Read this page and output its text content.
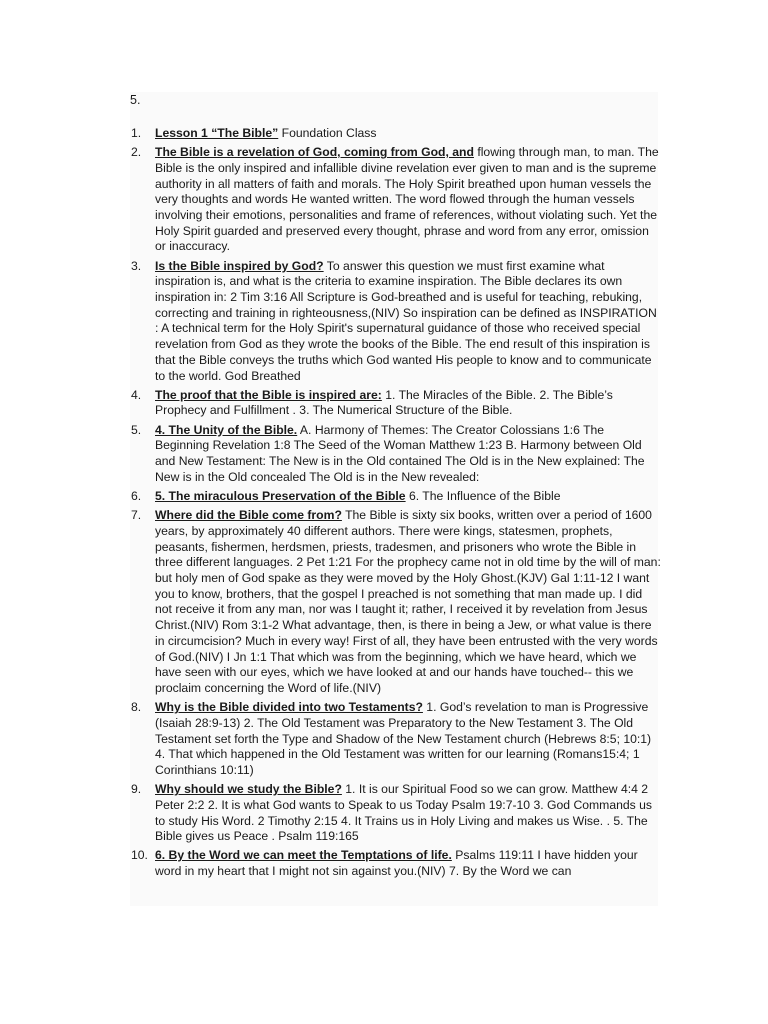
5.
1. Lesson 1 “The Bible” Foundation Class
2. The Bible is a revelation of God, coming from God, and flowing through man, to man. The Bible is the only inspired and infallible divine revelation ever given to man and is the supreme authority in all matters of faith and morals. The Holy Spirit breathed upon human vessels the very thoughts and words He wanted written. The word flowed through the human vessels involving their emotions, personalities and frame of references, without violating such. Yet the Holy Spirit guarded and preserved every thought, phrase and word from any error, omission or inaccuracy.
3. Is the Bible inspired by God? To answer this question we must first examine what inspiration is, and what is the criteria to examine inspiration. The Bible declares its own inspiration in: 2 Tim 3:16 All Scripture is God-breathed and is useful for teaching, rebuking, correcting and training in righteousness,(NIV) So inspiration can be defined as INSPIRATION : A technical term for the Holy Spirit's supernatural guidance of those who received special revelation from God as they wrote the books of the Bible. The end result of this inspiration is that the Bible conveys the truths which God wanted His people to know and to communicate to the world. God Breathed
4. The proof that the Bible is inspired are: 1. The Miracles of the Bible. 2. The Bible’s Prophecy and Fulfillment . 3. The Numerical Structure of the Bible.
5. 4. The Unity of the Bible. A. Harmony of Themes: The Creator Colossians 1:6 The Beginning Revelation 1:8 The Seed of the Woman Matthew 1:23 B. Harmony between Old and New Testament: The New is in the Old contained The Old is in the New explained: The New is in the Old concealed The Old is in the New revealed:
6. 5. The miraculous Preservation of the Bible 6. The Influence of the Bible
7. Where did the Bible come from? The Bible is sixty six books, written over a period of 1600 years, by approximately 40 different authors. There were kings, statesmen, prophets, peasants, fishermen, herdsmen, priests, tradesmen, and prisoners who wrote the Bible in three different languages. 2 Pet 1:21 For the prophecy came not in old time by the will of man: but holy men of God spake as they were moved by the Holy Ghost.(KJV) Gal 1:11-12 I want you to know, brothers, that the gospel I preached is not something that man made up. I did not receive it from any man, nor was I taught it; rather, I received it by revelation from Jesus Christ.(NIV) Rom 3:1-2 What advantage, then, is there in being a Jew, or what value is there in circumcision? Much in every way! First of all, they have been entrusted with the very words of God.(NIV) I Jn 1:1 That which was from the beginning, which we have heard, which we have seen with our eyes, which we have looked at and our hands have touched-- this we proclaim concerning the Word of life.(NIV)
8. Why is the Bible divided into two Testaments? 1. God’s revelation to man is Progressive (Isaiah 28:9-13) 2. The Old Testament was Preparatory to the New Testament 3. The Old Testament set forth the Type and Shadow of the New Testament church (Hebrews 8:5; 10:1) 4. That which happened in the Old Testament was written for our learning (Romans15:4; 1 Corinthians 10:11)
9. Why should we study the Bible? 1. It is our Spiritual Food so we can grow. Matthew 4:4 2 Peter 2:2 2. It is what God wants to Speak to us Today Psalm 19:7-10 3. God Commands us to study His Word. 2 Timothy 2:15 4. It Trains us in Holy Living and makes us Wise. . 5. The Bible gives us Peace . Psalm 119:165
10. 6. By the Word we can meet the Temptations of life. Psalms 119:11 I have hidden your word in my heart that I might not sin against you.(NIV) 7. By the Word we can
